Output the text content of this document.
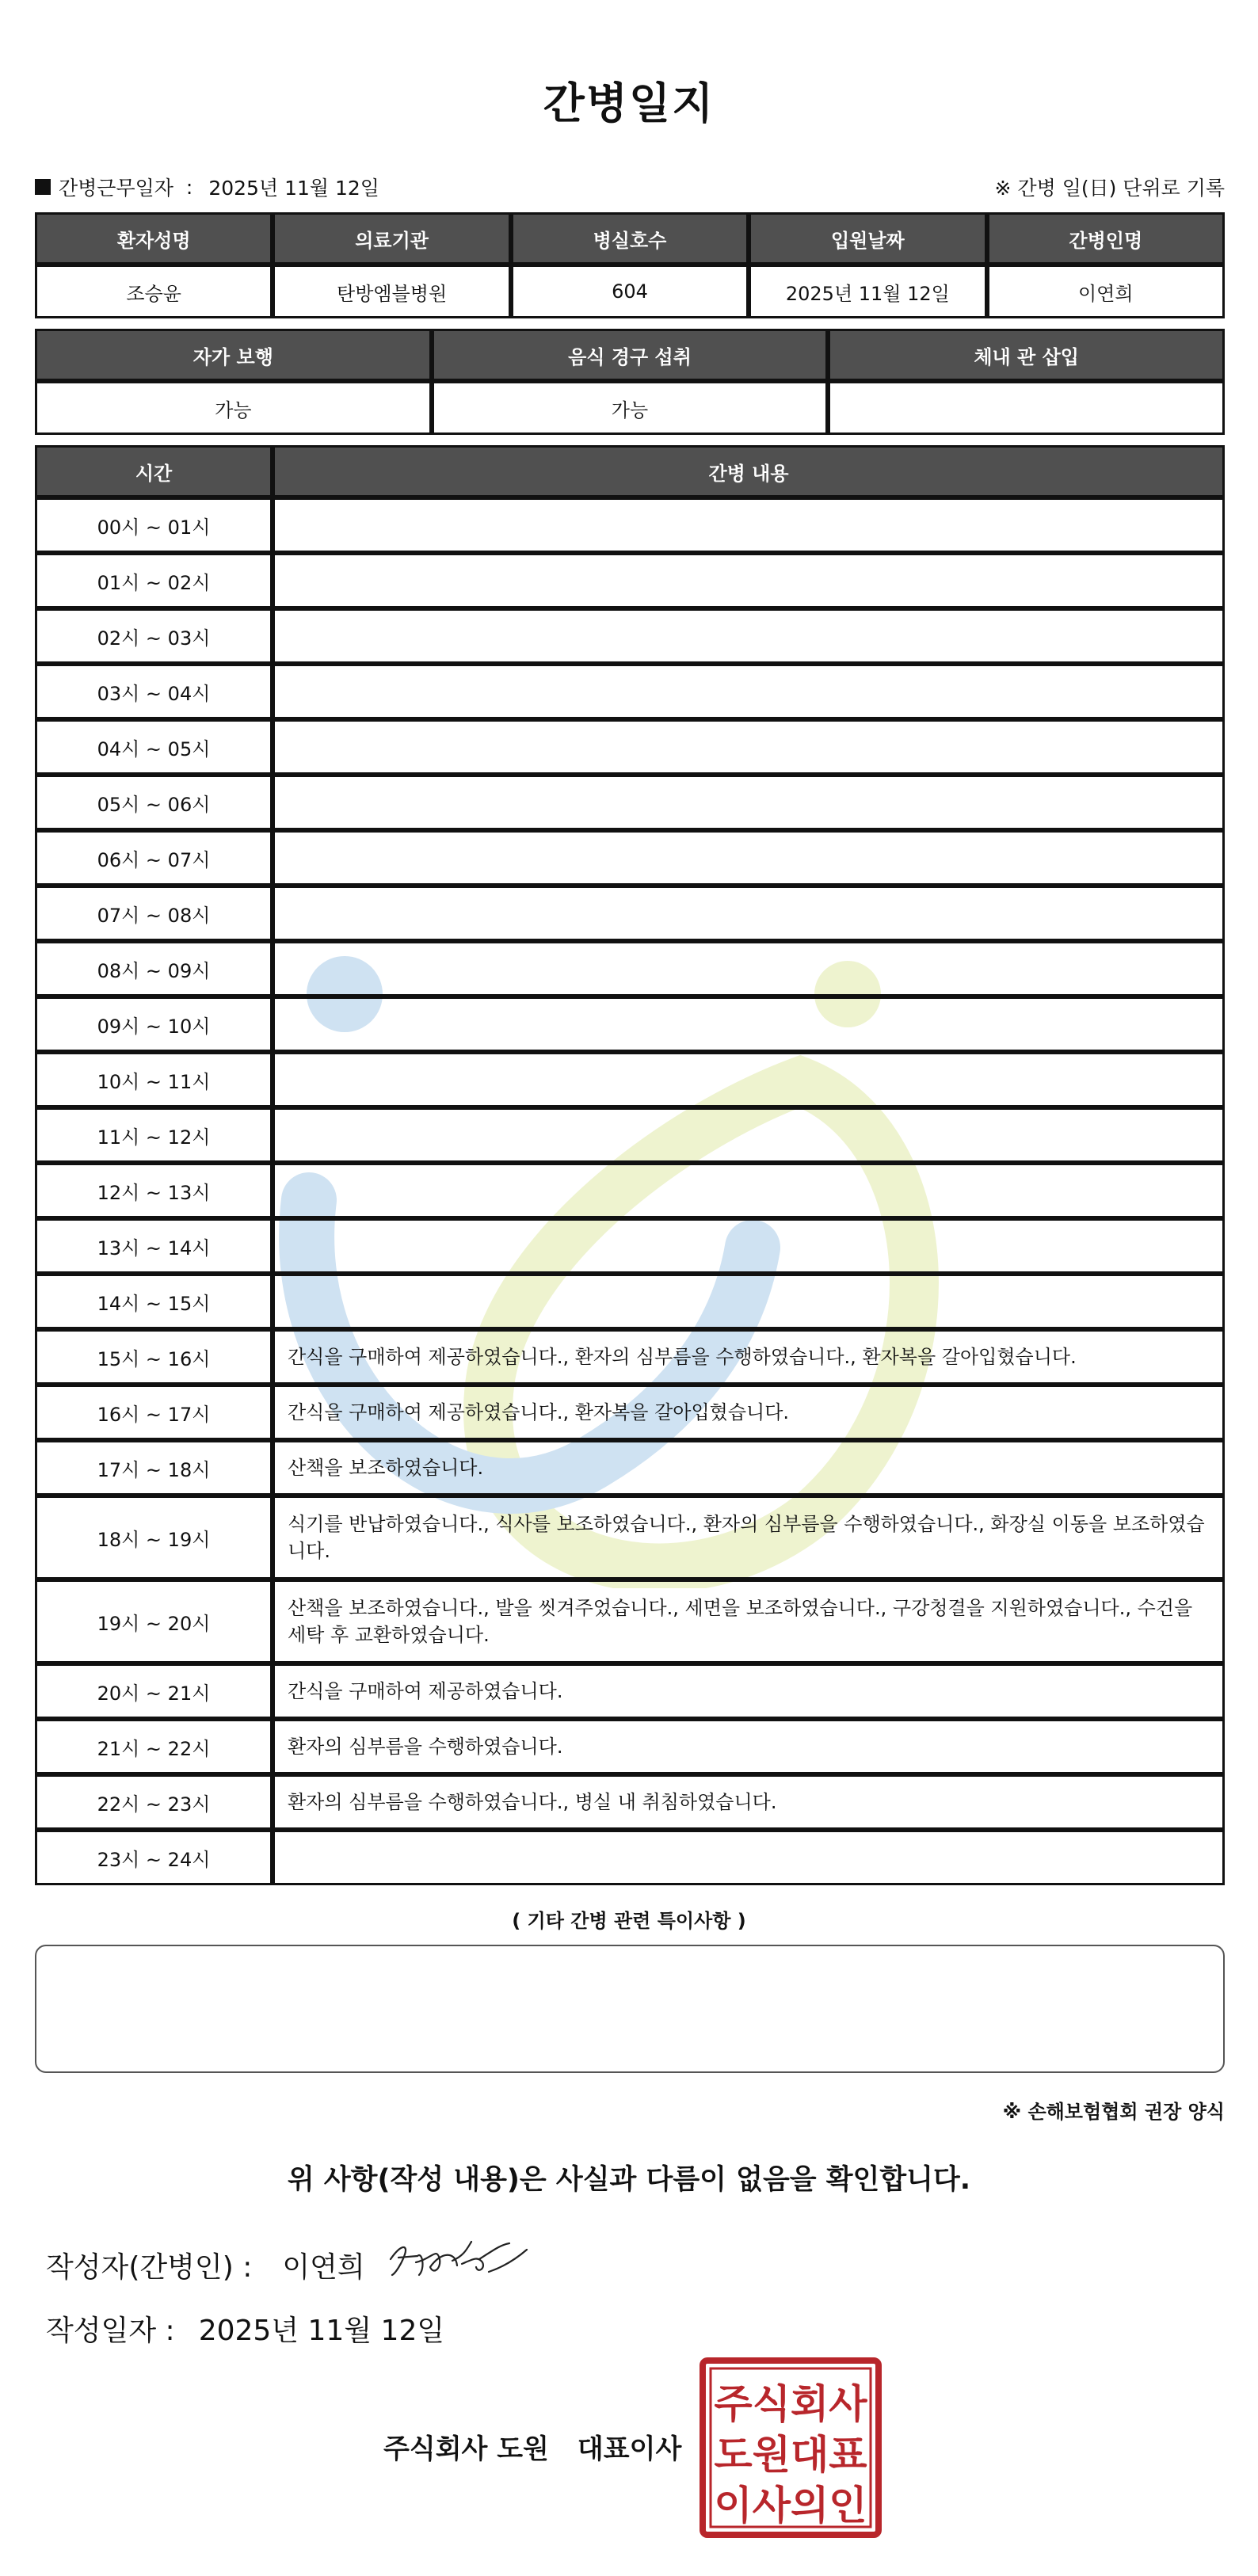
간병일지
간병근무일자 : 2025년 11월 12일	※ 간병 일(日) 단위로 기록
환자성명	의료기관	병실호수	입원날짜	간병인명
조승윤	탄방엠블병원	604	2025년 11월 12일	이연희
자가 보행	음식 경구 섭취	체내 관 삽입
가능	가능	
시간	간병 내용
00시 ~ 01시	
01시 ~ 02시	
02시 ~ 03시	
03시 ~ 04시	
04시 ~ 05시	
05시 ~ 06시	
06시 ~ 07시	
07시 ~ 08시	
08시 ~ 09시	
09시 ~ 10시	
10시 ~ 11시	
11시 ~ 12시	
12시 ~ 13시	
13시 ~ 14시	
14시 ~ 15시	
15시 ~ 16시	간식을 구매하여 제공하였습니다., 환자의 심부름을 수행하였습니다., 환자복을 갈아입혔습니다.
16시 ~ 17시	간식을 구매하여 제공하였습니다., 환자복을 갈아입혔습니다.
17시 ~ 18시	산책을 보조하였습니다.
18시 ~ 19시	식기를 반납하였습니다., 식사를 보조하였습니다., 환자의 심부름을 수행하였습니다., 화장실 이동을 보조하였습니다.
19시 ~ 20시	산책을 보조하였습니다., 발을 씻겨주었습니다., 세면을 보조하였습니다., 구강청결을 지원하였습니다., 수건을 세탁 후 교환하였습니다.
20시 ~ 21시	간식을 구매하여 제공하였습니다.
21시 ~ 22시	환자의 심부름을 수행하였습니다.
22시 ~ 23시	환자의 심부름을 수행하였습니다., 병실 내 취침하였습니다.
23시 ~ 24시	
( 기타 간병 관련 특이사항 )
※ 손해보험협회 권장 양식
위 사항(작성 내용)은 사실과 다름이 없음을 확인합니다.
작성자(간병인) : 이연희
작성일자 : 2025년 11월 12일
주식회사 도원 대표이사
주식회사
도원대표
이사의인
